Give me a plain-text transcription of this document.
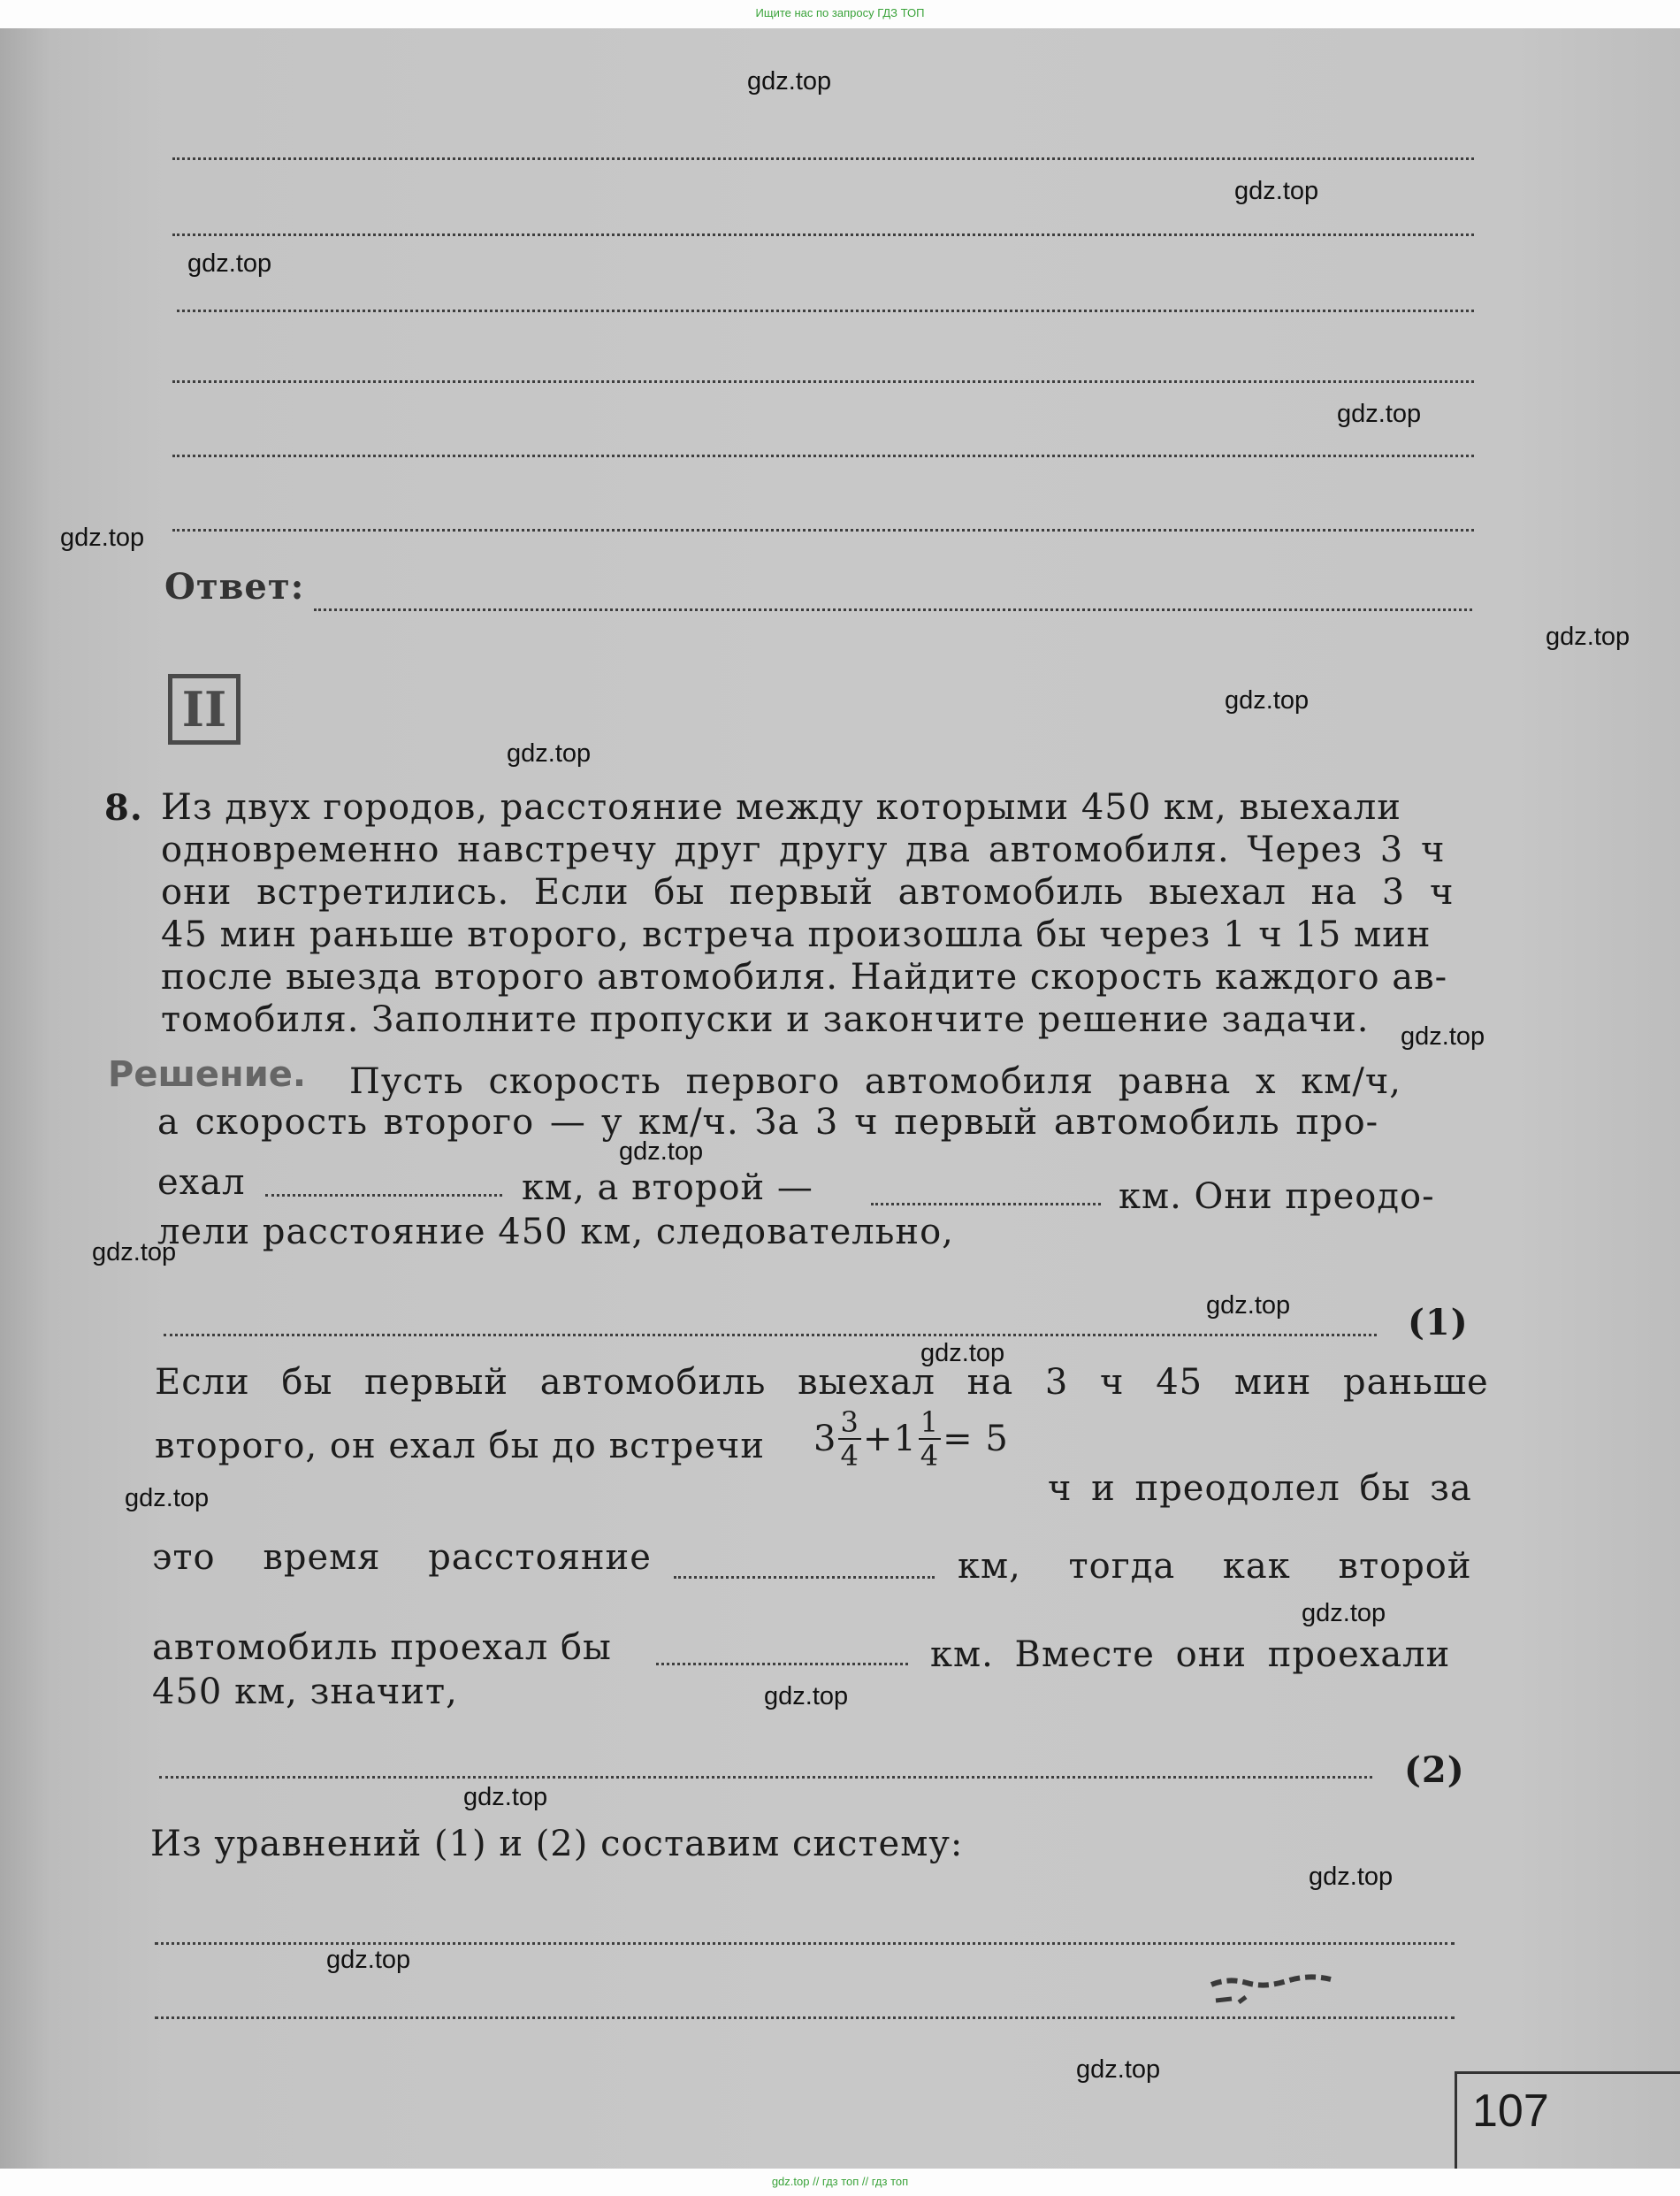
Ищите нас по запросу ГДЗ ТОП
Ответ:
II
8. Из двух городов, расстояние между которыми 450 км, выехали
одновременно навстречу друг другу два автомобиля. Через 3 ч
они встретились. Если бы первый автомобиль выехал на 3 ч
45 мин раньше второго, встреча произошла бы через 1 ч 15 мин
после выезда второго автомобиля. Найдите скорость каждого ав-
томобиля. Заполните пропуски и закончите решение задачи.
Решение. Пусть скорость первого автомобиля равна x км/ч,
а скорость второго — y км/ч. За 3 ч первый автомобиль про-
ехал	км, а второй —	км. Они преодо-
лели расстояние 450 км, следовательно,
(1)
Если бы первый автомобиль выехал на 3 ч 45 мин раньше
второго, он ехал бы до встречи $3 \frac{3}{4} + 1 \frac{1}{4} = 5$
ч и преодолел бы за
это время расстояние	км, тогда как второй
автомобиль проехал бы	км. Вместе они проехали
450 км, значит,
(2)
Из уравнений (1) и (2) составим систему:
107
gdz.top
gdz.top
gdz.top
gdz.top
gdz.top
gdz.top
gdz.top
gdz.top
gdz.top
gdz.top
gdz.top
gdz.top
gdz.top
gdz.top
gdz.top
gdz.top
gdz.top
gdz.top
gdz.top
gdz.top
gdz.top // гдз топ // гдз топ
